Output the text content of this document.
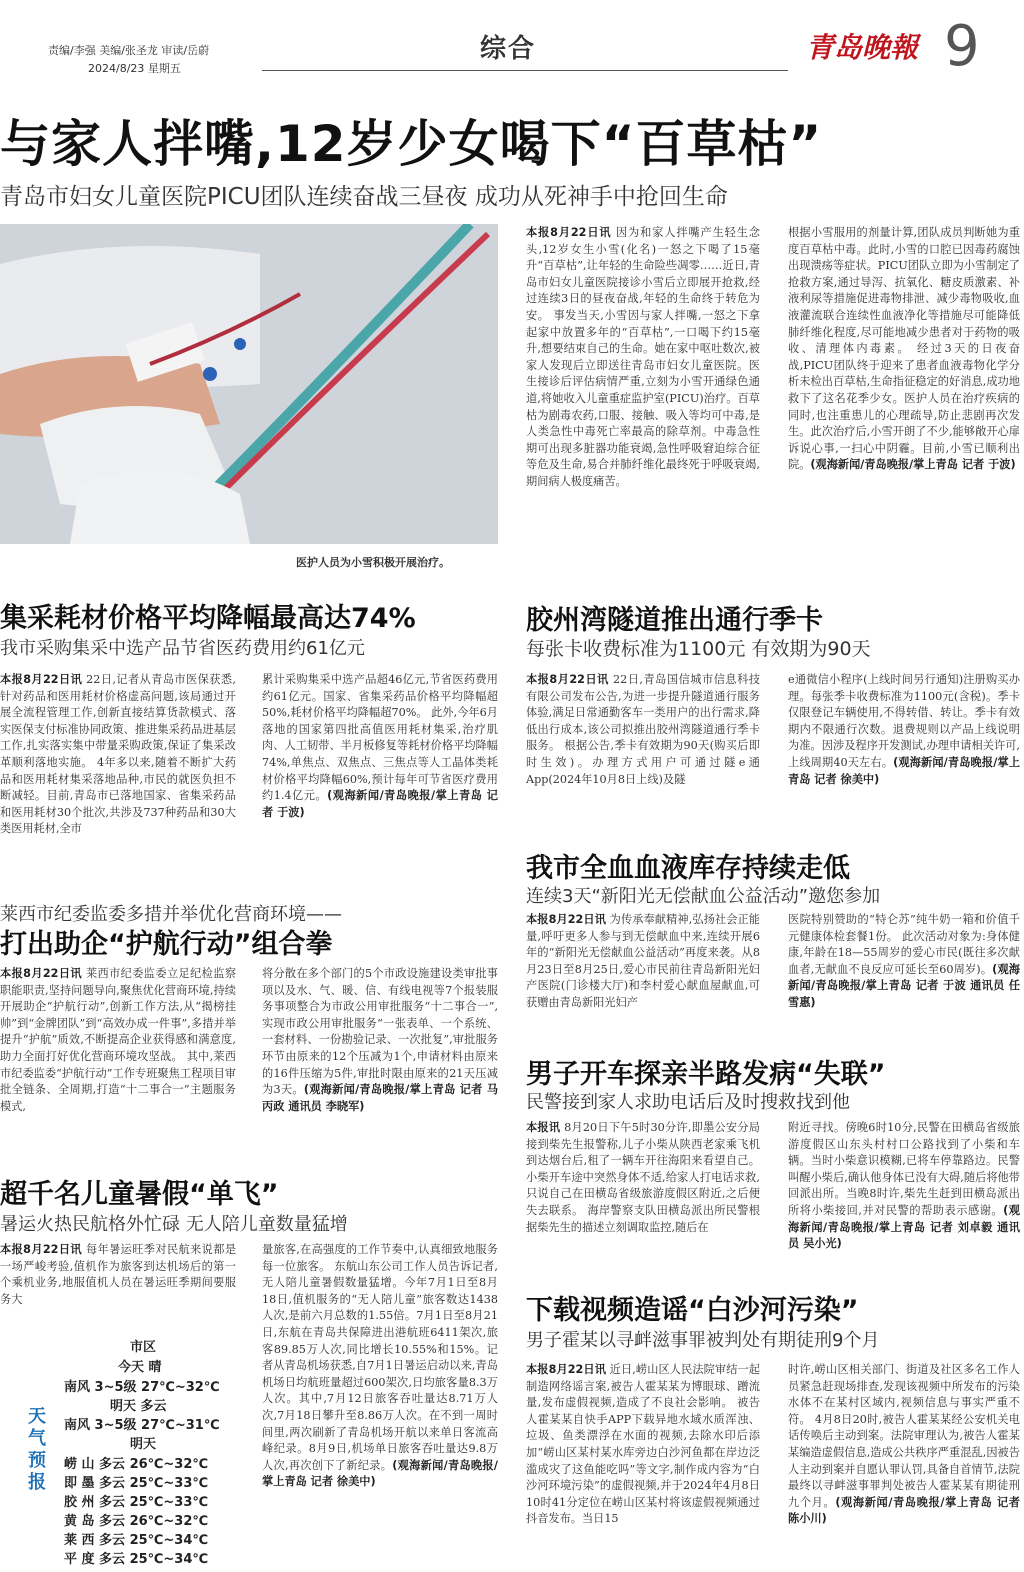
责编/李强 美编/张圣龙 审读/岳蔚
2024/8/23 星期五
综合	青岛晚報 9
与家人拌嘴,12岁少女喝下“百草枯”
青岛市妇女儿童医院PICU团队连续奋战三昼夜 成功从死神手中抢回生命
医护人员为小雪积极开展治疗。
本报8月22日讯 因为和家人拌嘴产生轻生念头,12岁女生小雪(化名)一怒之下喝了15毫升“百草枯”,让年轻的生命险些凋零……近日,青岛市妇女儿童医院接诊小雪后立即展开抢救,经过连续3日的昼夜奋战,年轻的生命终于转危为安。 事发当天,小雪因与家人拌嘴,一怒之下拿起家中放置多年的“百草枯”,一口喝下约15毫升,想要结束自己的生命。她在家中呕吐数次,被家人发现后立即送往青岛市妇女儿童医院。医生接诊后评估病情严重,立刻为小雪开通绿色通道,将她收入儿童重症监护室(PICU)治疗。百草枯为剧毒农药,口服、接触、吸入等均可中毒,是人类急性中毒死亡率最高的除草剂。中毒急性期可出现多脏器功能衰竭,急性呼吸窘迫综合征等危及生命,易合并肺纤维化最终死于呼吸衰竭,期间病人极度痛苦。
根据小雪服用的剂量计算,团队成员判断她为重度百草枯中毒。此时,小雪的口腔已因毒药腐蚀出现溃疡等症状。PICU团队立即为小雪制定了抢救方案,通过导泻、抗氧化、糖皮质激素、补液利尿等措施促进毒物排泄、减少毒物吸收,血液灌流联合连续性血液净化等措施尽可能降低肺纤维化程度,尽可能地减少患者对于药物的吸收、清理体内毒素。 经过3天的日夜奋战,PICU团队终于迎来了患者血液毒物化学分析未检出百草枯,生命指征稳定的好消息,成功地救下了这名花季少女。医护人员在治疗疾病的同时,也注重患儿的心理疏导,防止悲剧再次发生。此次治疗后,小雪开朗了不少,能够敞开心扉诉说心事,一扫心中阴霾。目前,小雪已顺利出院。(观海新闻/青岛晚报/掌上青岛 记者 于波)
集采耗材价格平均降幅最高达74%
我市采购集采中选产品节省医药费用约61亿元
本报8月22日讯 22日,记者从青岛市医保获悉,针对药品和医用耗材价格虚高问题,该局通过开展全流程管理工作,创新直接结算货款模式、落实医保支付标准协同政策、推进集采药品进基层工作,扎实落实集中带量采购政策,保证了集采改革顺利落地实施。 4年多以来,随着不断扩大药品和医用耗材集采落地品种,市民的就医负担不断减轻。目前,青岛市已落地国家、省集采药品和医用耗材30个批次,共涉及737种药品和30大类医用耗材,全市
累计采购集采中选产品超46亿元,节省医药费用约61亿元。国家、省集采药品价格平均降幅超50%,耗材价格平均降幅超70%。 此外,今年6月落地的国家第四批高值医用耗材集采,治疗肌肉、人工韧带、半月板修复等耗材价格平均降幅74%,单焦点、双焦点、三焦点等人工晶体类耗材价格平均降幅60%,预计每年可节省医疗费用约1.4亿元。(观海新闻/青岛晚报/掌上青岛 记者 于波)
莱西市纪委监委多措并举优化营商环境——
打出助企“护航行动”组合拳
本报8月22日讯 莱西市纪委监委立足纪检监察职能职责,坚持问题导向,聚焦优化营商环境,持续开展助企“护航行动”,创新工作方法,从“揭榜挂帅”到“金牌团队”到“高效办成一件事”,多措并举提升“护航”质效,不断提高企业获得感和满意度,助力全面打好优化营商环境攻坚战。 其中,莱西市纪委监委“护航行动”工作专班聚焦工程项目审批全链条、全周期,打造“十二事合一”主题服务模式,
将分散在多个部门的5个市政设施建设类审批事项以及水、气、暖、信、有线电视等7个报装服务事项整合为市政公用审批服务“十二事合一”,实现市政公用审批服务“一张表单、一个系统、一套材料、一份勘验记录、一次批复”,审批服务环节由原来的12个压减为1个,申请材料由原来的16件压缩为5件,审批时限由原来的21天压减为3天。(观海新闻/青岛晚报/掌上青岛 记者 马丙政 通讯员 李晓军)
超千名儿童暑假“单飞”
暑运火热民航格外忙碌 无人陪儿童数量猛增
本报8月22日讯 每年暑运旺季对民航来说都是一场严峻考验,值机作为旅客到达机场后的第一个乘机业务,地服值机人员在暑运旺季期间要服务大
量旅客,在高强度的工作节奏中,认真细致地服务每一位旅客。 东航山东公司工作人员告诉记者,无人陪儿童暑假数量猛增。今年7月1日至8月18日,值机服务的“无人陪儿童”旅客数达1438人次,是前六月总数的1.55倍。7月1日至8月21日,东航在青岛共保障进出港航班6411架次,旅客89.85万人次,同比增长10.55%和15%。记者从青岛机场获悉,自7月1日暑运启动以来,青岛机场日均航班量超过600架次,日均旅客量8.3万人次。其中,7月12日旅客吞吐量达8.71万人次,7月18日攀升至8.86万人次。在不到一周时间里,两次刷新了青岛机场开航以来单日客流高峰纪录。8月9日,机场单日旅客吞吐量达9.8万人次,再次创下了新纪录。(观海新闻/青岛晚报/掌上青岛 记者 徐美中)
天气预报
市区
今天 晴
南风 3~5级 27℃~32℃
明天 多云
南风 3~5级 27℃~31℃
明天
崂 山 多云 26℃~32℃
即 墨 多云 25℃~33℃
胶 州 多云 25℃~33℃
黄 岛 多云 26℃~32℃
莱 西 多云 25℃~34℃
平 度 多云 25℃~34℃
胶州湾隧道推出通行季卡
每张卡收费标准为1100元 有效期为90天
本报8月22日讯 22日,青岛国信城市信息科技有限公司发布公告,为进一步提升隧道通行服务体验,满足日常通勤客车一类用户的出行需求,降低出行成本,该公司拟推出胶州湾隧道通行季卡服务。 根据公告,季卡有效期为90天(购买后即时生效)。办理方式用户可通过隧e通App(2024年10月8日上线)及隧
e通微信小程序(上线时间另行通知)注册购买办理。每张季卡收费标准为1100元(含税)。季卡仅限登记车辆使用,不得转借、转让。季卡有效期内不限通行次数。退费规则以产品上线说明为准。因涉及程序开发测试,办理申请相关许可,上线周期40天左右。(观海新闻/青岛晚报/掌上青岛 记者 徐美中)
我市全血血液库存持续走低
连续3天“新阳光无偿献血公益活动”邀您参加
本报8月22日讯 为传承奉献精神,弘扬社会正能量,呼吁更多人参与到无偿献血中来,连续开展6年的“新阳光无偿献血公益活动”再度来袭。从8月23日至8月25日,爱心市民前往青岛新阳光妇产医院(门诊楼大厅)和李村爱心献血屋献血,可获赠由青岛新阳光妇产
医院特别赞助的“特仑苏”纯牛奶一箱和价值千元健康体检套餐1份。 此次活动对象为:身体健康,年龄在18—55周岁的爱心市民(既往多次献血者,无献血不良反应可延长至60周岁)。(观海新闻/青岛晚报/掌上青岛 记者 于波 通讯员 任雪惠)
男子开车探亲半路发病“失联”
民警接到家人求助电话后及时搜救找到他
本报讯 8月20日下午5时30分许,即墨公安分局接到柴先生报警称,儿子小柴从陕西老家乘飞机到达烟台后,租了一辆车开往海阳来看望自己。小柴开车途中突然身体不适,给家人打电话求救,只说自己在田横岛省级旅游度假区附近,之后便失去联系。 海岸警察支队田横岛派出所民警根据柴先生的描述立刻调取监控,随后在
附近寻找。傍晚6时10分,民警在田横岛省级旅游度假区山东头村村口公路找到了小柴和车辆。当时小柴意识模糊,已将车停靠路边。民警叫醒小柴后,确认他身体已没有大碍,随后将他带回派出所。当晚8时许,柴先生赶到田横岛派出所将小柴接回,并对民警的帮助表示感谢。(观海新闻/青岛晚报/掌上青岛 记者 刘卓毅 通讯员 吴小光)
下载视频造谣“白沙河污染”
男子霍某以寻衅滋事罪被判处有期徒刑9个月
本报8月22日讯 近日,崂山区人民法院审结一起制造网络谣言案,被告人霍某某为博眼球、蹭流量,发布虚假视频,造成了不良社会影响。 被告人霍某某自快手APP下载异地水域水质浑浊、垃圾、鱼类漂浮在水面的视频,去除水印后添加“崂山区某村某水库旁边白沙河鱼都在岸边泛滥成灾了这鱼能吃吗”等文字,制作成内容为“白沙河环境污染”的虚假视频,并于2024年4月8日10时41分定位在崂山区某村将该虚假视频通过抖音发布。当日15
时许,崂山区相关部门、街道及社区多名工作人员紧急赶现场排查,发现该视频中所发布的污染水体不在某村区域内,视频信息与事实严重不符。 4月8日20时,被告人霍某某经公安机关电话传唤后主动到案。法院审理认为,被告人霍某某编造虚假信息,造成公共秩序严重混乱,因被告人主动到案并自愿认罪认罚,具备自首情节,法院最终以寻衅滋事罪判处被告人霍某某有期徒刑九个月。(观海新闻/青岛晚报/掌上青岛 记者 陈小川)
